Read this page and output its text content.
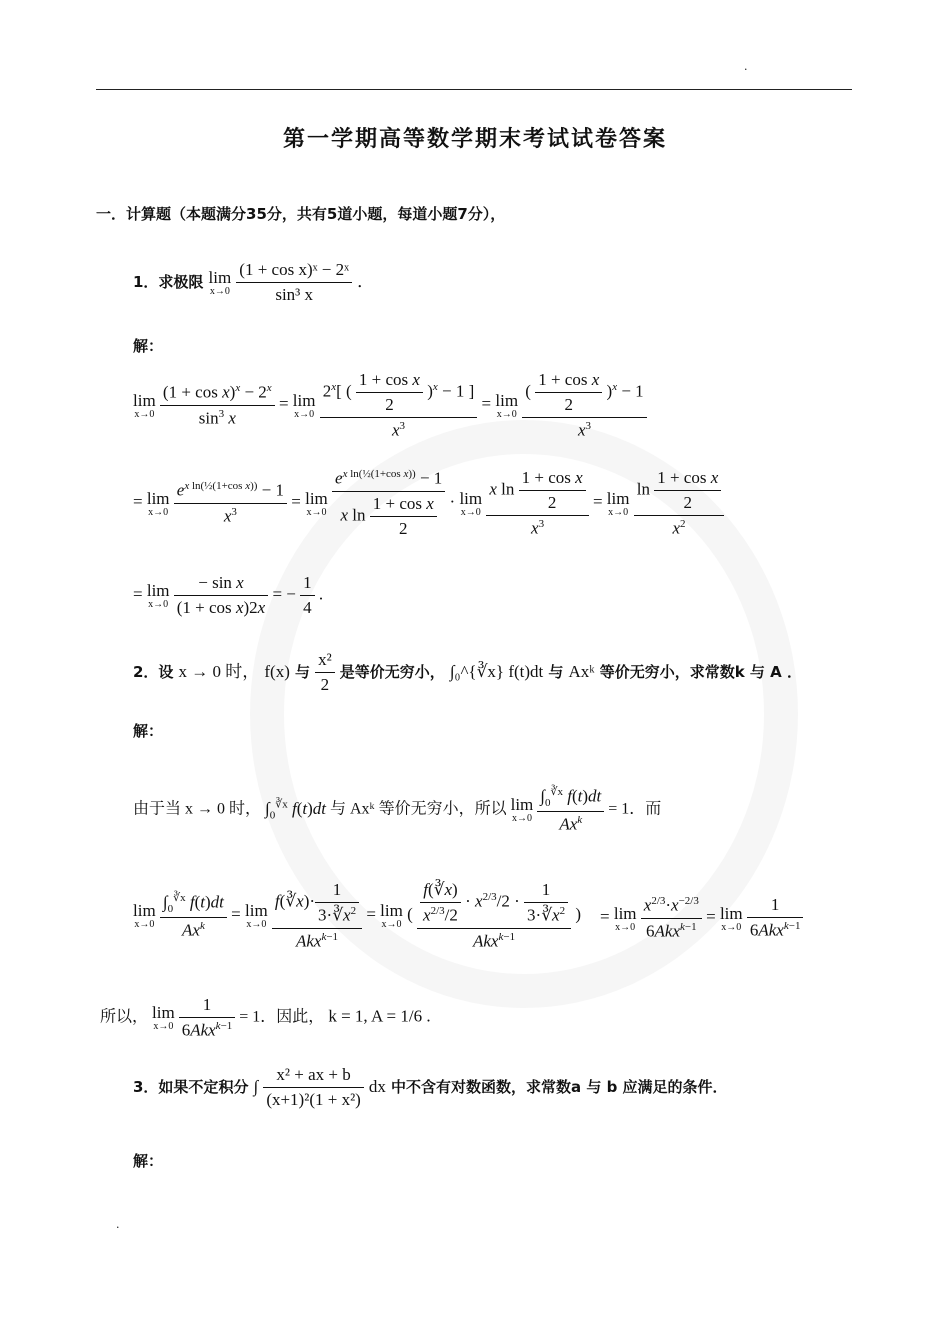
.
第一学期高等数学期末考试试卷答案
一．计算题（本题满分35分，共有5道小题，每道小题7分），
1．求极限 lim
x→0
$\frac{\text{(1 + cos x)ˣ − 2ˣ}}{\text{sin³ x}}$ ．
解：
lim
x→0
$\frac{(1 + \cos x)^x - 2^x}{\sin^3 x} = \lim$
x→0
$\frac{2^x[ ( \frac{\text{1 + cos x}}{2} )^x - 1 ]}{x^3} = \lim$
x→0
$\frac{( \frac{\text{1 + cos x}}{2} )^x - 1}{x^3}$
= lim
x→0
$\frac{e^{x ln(\frac{1}{2}(1+cos x))} - 1}{x^3} = \lim$
x→0
$\frac{e^{x ln(\frac{1}{2}(1+cos x))} - 1}{x \ln \frac{\text{1 + cos x}}{2}} \cdot \lim$
x→0
$\frac{x \ln \frac{\text{1 + cos x}}{2}}{x^3} = \lim$
x→0
$\frac{\ln \frac{\text{1 + cos x}}{2}}{x^2}$
= lim
x→0
$\frac{\text{− sin x}}{\text{(1 + cos x)2x}}$ = − $\frac{1}{4}$ .
2．设 x → 0 时， f(x) 与 $\frac{\text{x²}}{2}$ 是等价无穷小， ∫₀^{∛x} f(t)dt 与 Axᵏ 等价无穷小，求常数k 与 A ．
解：
由于当 x → 0 时， $\int_0^{∛x}$ f(t)dt 与 Axᵏ 等价无穷小，所以 lim
x→0

$\int_0^{∛x}$ f(t)dt
Ax$^k$
= 1．而
lim
x→0

$\int_0^{∛x}$ f(t)dt
Ax$^k$
= lim
x→0

f(∛x)· $\frac{1}{3\cdot∛x^2}$
Akx$^{k-1}$
= lim
x→0
( $\frac{f(∛x)}{x^{2/3}/2} \cdot x^{2/3}/2 \cdot \frac{1}{3\cdot∛x^2}$
Akx$^{k-1}$
) = lim
x→0

$x^{2/3}\cdot x^{-2/3}$
6Akx$^{k-1}$
= lim
x→0

1
6Akx$^{k-1}$
所以， lim
x→0

1
6Akx$^{k-1}$
= 1．因此， k = 1, A = 1/6 .
3．如果不定积分 ∫ $\frac{\text{x² + ax + b}}{\text{(x+1)²(1 + x²)}}$ dx 中不含有对数函数，求常数a 与 b 应满足的条件．
解：
.
